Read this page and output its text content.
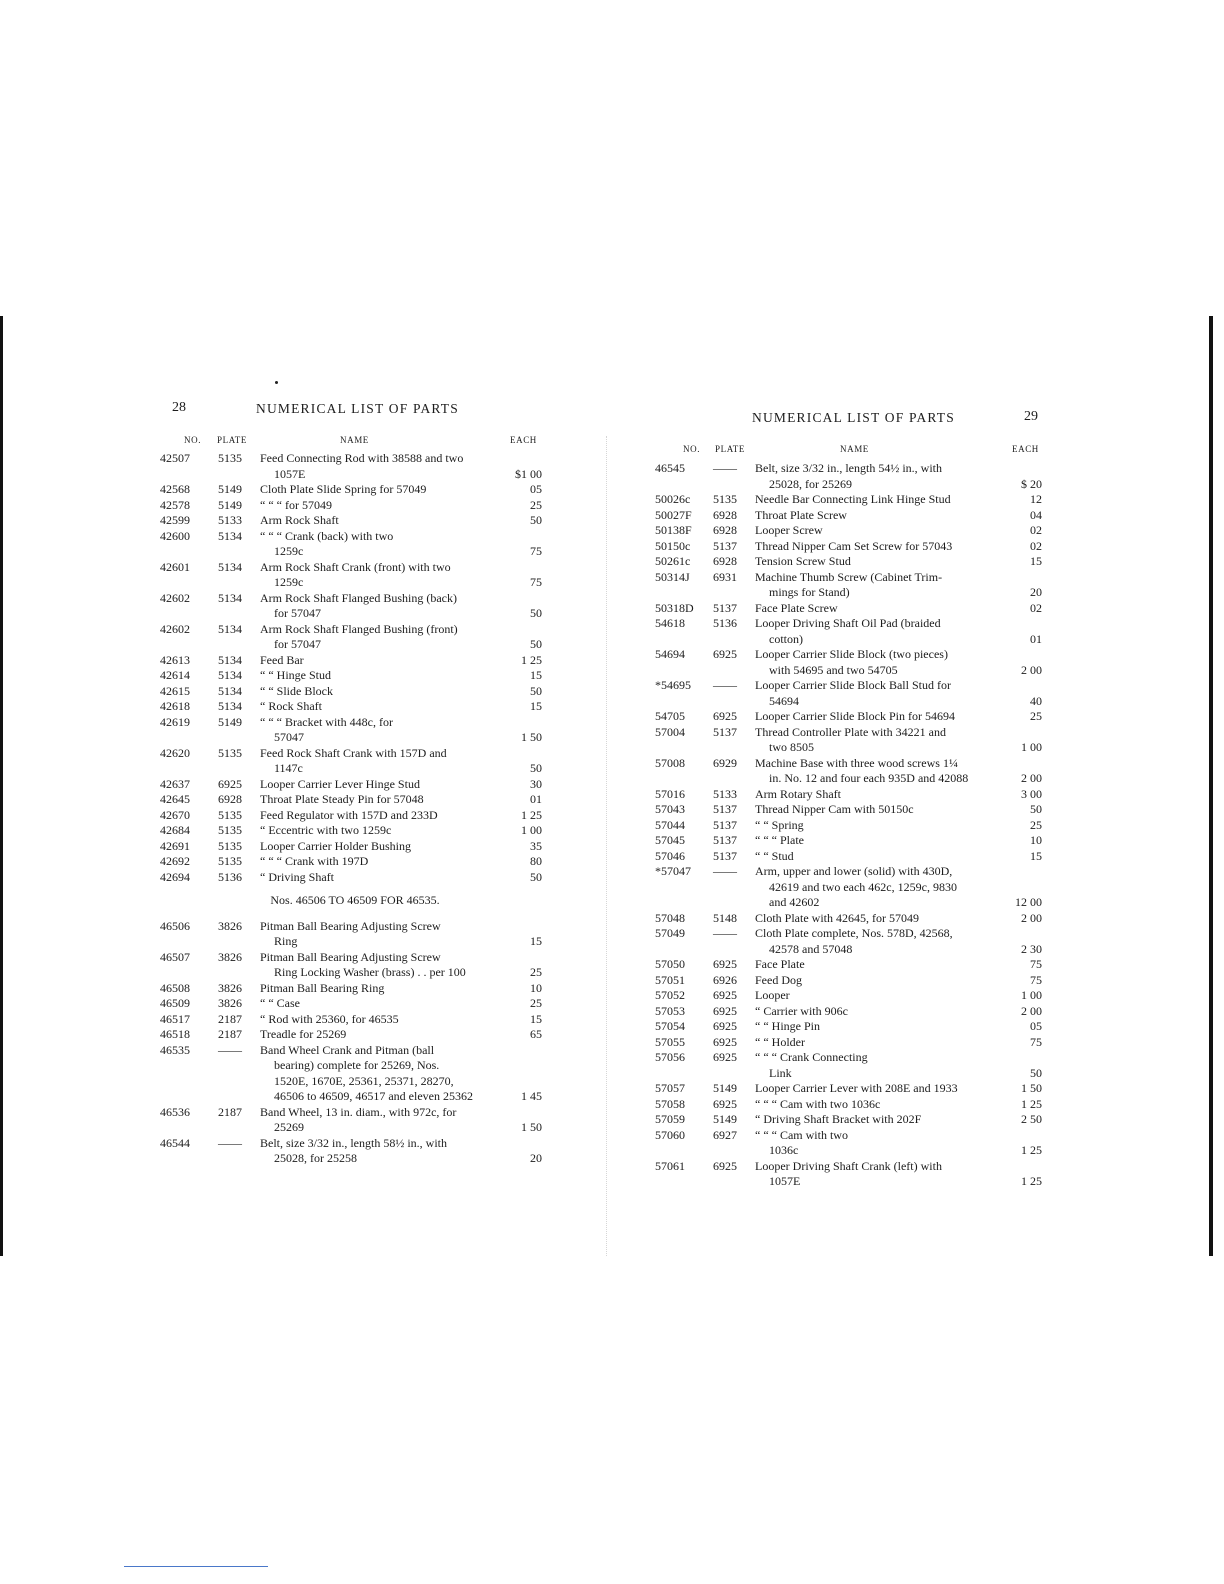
28	NUMERICAL LIST OF PARTS
NO. PLATE	NAME	EACH
42507	5135	Feed Connecting Rod with 38588 and two
1057E	$1 00
42568	5149	Cloth Plate Slide Spring for 57049	05
42578	5149	“ “ “ for 57049	25
42599	5133	Arm Rock Shaft	50
42600	5134	“ “ “ Crank (back) with two
1259c	75
42601	5134	Arm Rock Shaft Crank (front) with two
1259c	75
42602	5134	Arm Rock Shaft Flanged Bushing (back)
for 57047	50
42602	5134	Arm Rock Shaft Flanged Bushing (front)
for 57047	50
42613	5134	Feed Bar	1 25
42614	5134	“ “ Hinge Stud	15
42615	5134	“ “ Slide Block	50
42618	5134	“ Rock Shaft	15
42619	5149	“ “ “ Bracket with 448c, for
57047	1 50
42620	5135	Feed Rock Shaft Crank with 157D and
1147c	50
42637	6925	Looper Carrier Lever Hinge Stud	30
42645	6928	Throat Plate Steady Pin for 57048	01
42670	5135	Feed Regulator with 157D and 233D	1 25
42684	5135	“ Eccentric with two 1259c	1 00
42691	5135	Looper Carrier Holder Bushing	35
42692	5135	“ “ “ Crank with 197D	80
42694	5136	“ Driving Shaft	50
Nos. 46506 TO 46509 FOR 46535.
46506	3826	Pitman Ball Bearing Adjusting Screw
Ring	15
46507	3826	Pitman Ball Bearing Adjusting Screw
Ring Locking Washer (brass) . . per 100	25
46508	3826	Pitman Ball Bearing Ring	10
46509	3826	“ “ Case	25
46517	2187	“ Rod with 25360, for 46535	15
46518	2187	Treadle for 25269	65
46535	——	Band Wheel Crank and Pitman (ball
bearing) complete for 25269, Nos.
1520E, 1670E, 25361, 25371, 28270,
46506 to 46509, 46517 and eleven 25362	1 45
46536	2187	Band Wheel, 13 in. diam., with 972c, for
25269	1 50
46544	——	Belt, size 3/32 in., length 58½ in., with
25028, for 25258	20
29
NUMERICAL LIST OF PARTS
NO. PLATE	NAME	EACH
46545	——	Belt, size 3/32 in., length 54½ in., with
25028, for 25269	$ 20
50026c	5135	Needle Bar Connecting Link Hinge Stud	12
50027F	6928	Throat Plate Screw	04
50138F	6928	Looper Screw	02
50150c	5137	Thread Nipper Cam Set Screw for 57043	02
50261c	6928	Tension Screw Stud	15
50314J	6931	Machine Thumb Screw (Cabinet Trim-
mings for Stand)	20
50318D	5137	Face Plate Screw	02
54618	5136	Looper Driving Shaft Oil Pad (braided
cotton)	01
54694	6925	Looper Carrier Slide Block (two pieces)
with 54695 and two 54705	2 00
*54695	——	Looper Carrier Slide Block Ball Stud for
54694	40
54705	6925	Looper Carrier Slide Block Pin for 54694	25
57004	5137	Thread Controller Plate with 34221 and
two 8505	1 00
57008	6929	Machine Base with three wood screws 1¼
in. No. 12 and four each 935D and 42088	2 00
57016	5133	Arm Rotary Shaft	3 00
57043	5137	Thread Nipper Cam with 50150c	50
57044	5137	“ “ Spring	25
57045	5137	“ “ “ Plate	10
57046	5137	“ “ Stud	15
*57047	——	Arm, upper and lower (solid) with 430D,
42619 and two each 462c, 1259c, 9830
and 42602	12 00
57048	5148	Cloth Plate with 42645, for 57049	2 00
57049	——	Cloth Plate complete, Nos. 578D, 42568,
42578 and 57048	2 30
57050	6925	Face Plate	75
57051	6926	Feed Dog	75
57052	6925	Looper	1 00
57053	6925	“ Carrier with 906c	2 00
57054	6925	“ “ Hinge Pin	05
57055	6925	“ “ Holder	75
57056	6925	“ “ “ Crank Connecting
Link	50
57057	5149	Looper Carrier Lever with 208E and 1933	1 50
57058	6925	“ “ “ Cam with two 1036c	1 25
57059	5149	“ Driving Shaft Bracket with 202F	2 50
57060	6927	“ “ “ Cam with two
1036c	1 25
57061	6925	Looper Driving Shaft Crank (left) with
1057E	1 25
